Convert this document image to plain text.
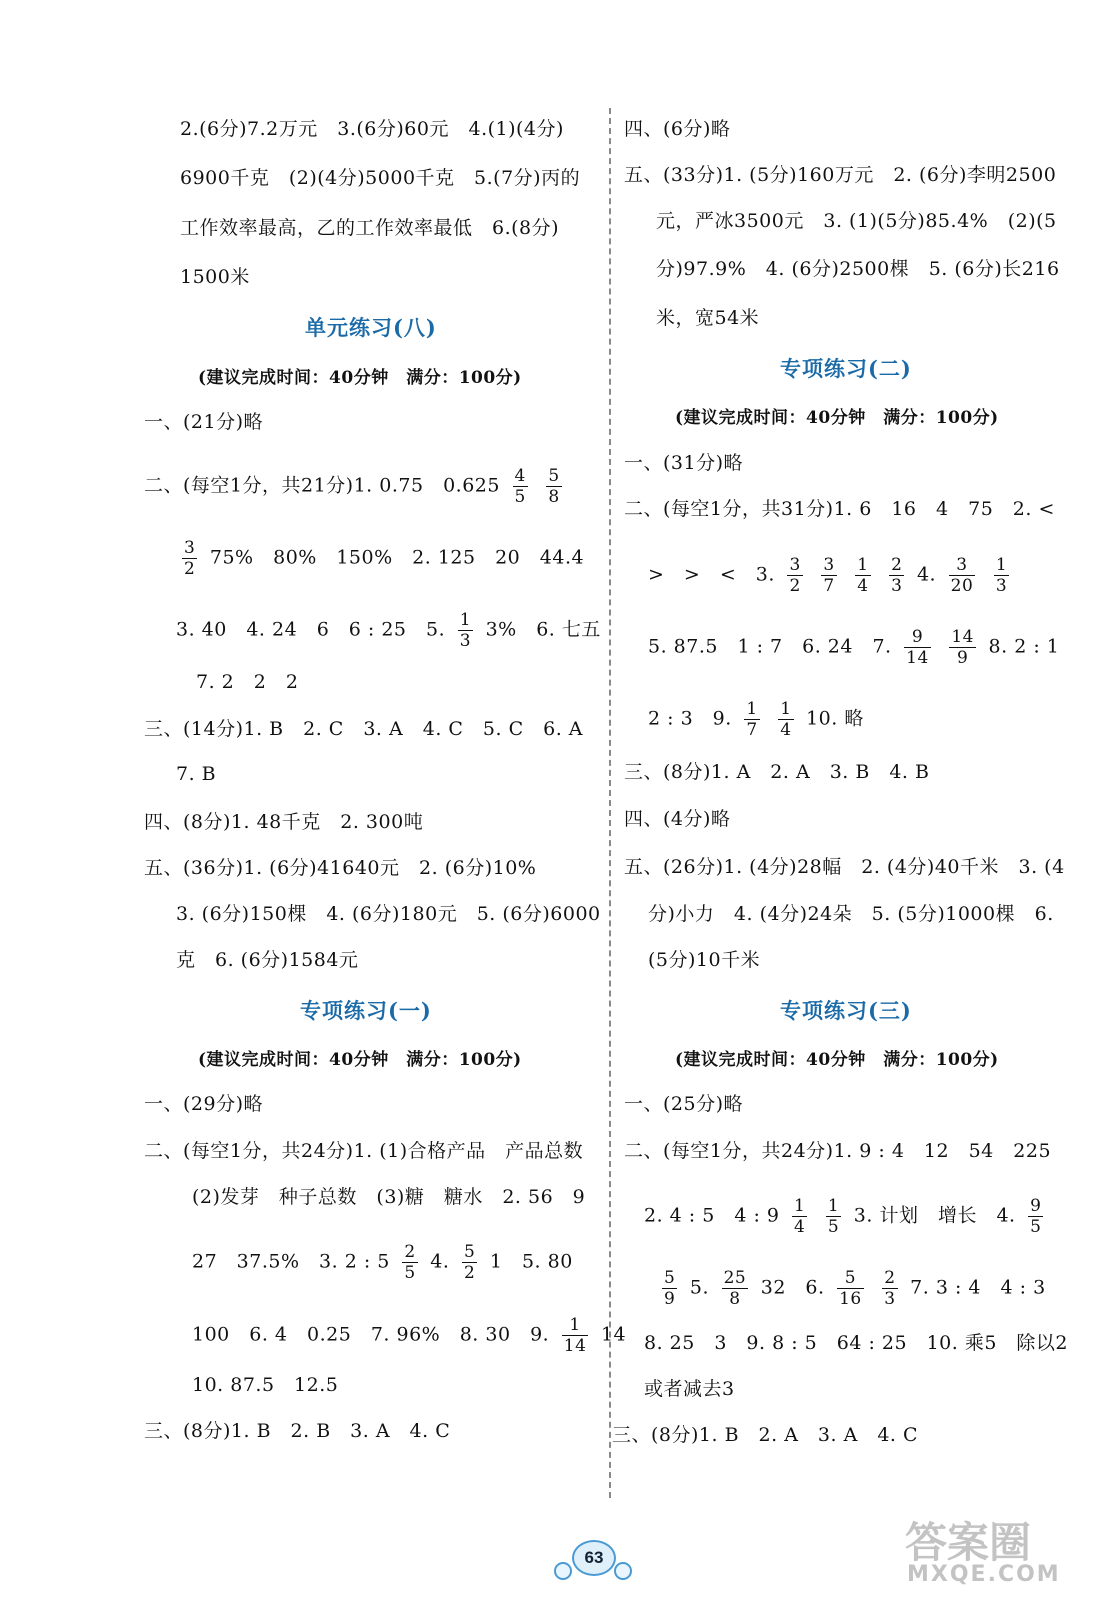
2.(6分)7.2万元　3.(6分)60元　4.(1)(4分)
6900千克　(2)(4分)5000千克　5.(7分)丙的
工作效率最高，乙的工作效率最低　6.(8分)
1500米
单元练习(八)
(建议完成时间：40分钟　满分：100分)
一、(21分)略
二、(每空1分，共21分)1. 0.75　$0.625 \frac{4}{5}$
$\frac{5}{8}$
$\frac{3}{2} 75\%$　80%　150%　2. 125　20　44.4
3. 40　4. 24　6　6 : 25　5. $\frac{1}{3} 3\%$　6. 七五
7. 2　2　2
三、(14分)1. B　2. C　3. A　4. C　5. C　6. A
7. B
四、(8分)1. 48千克　2. 300吨
五、(36分)1. (6分)41640元　2. (6分)10%
3. (6分)150棵　4. (6分)180元　5. (6分)6000
克　6. (6分)1584元
专项练习(一)
(建议完成时间：40分钟　满分：100分)
一、(29分)略
二、(每空1分，共24分)1. (1)合格产品　产品总数
(2)发芽　种子总数　(3)糖　糖水　2. 56　9
27　37.5%　3. 2 : $5 \frac{2}{5} 4$. $\frac{5}{2} 1$　5. 80
100　6. 4　0.25　7. 96%　8. 30　9. $\frac{1}{14} 14$
10. 87.5　12.5
三、(8分)1. B　2. B　3. A　4. C
四、(6分)略
五、(33分)1. (5分)160万元　2. (6分)李明2500
元，严冰3500元　3. (1)(5分)85.4%　(2)(5
分)97.9%　4. (6分)2500棵　5. (6分)长216
米，宽54米
专项练习(二)
(建议完成时间：40分钟　满分：100分)
一、(31分)略
二、(每空1分，共31分)1. 6　16　4　75　2. <
>　>　<　3. $\frac{3}{2}$
$\frac{3}{7}$
$\frac{1}{4}$
$\frac{2}{3} 4$. $\frac{3}{20}$
$\frac{1}{3}$
5. 87.5　1 : 7　6. 24　7. $\frac{9}{14}$
$\frac{14}{9} 8$. 2 : 1
2 : 3　9. $\frac{1}{7}$
$\frac{1}{4} 10$. 略
三、(8分)1. A　2. A　3. B　4. B
四、(4分)略
五、(26分)1. (4分)28幅　2. (4分)40千米　3. (4
分)小力　4. (4分)24朵　5. (5分)1000棵　6.
(5分)10千米
专项练习(三)
(建议完成时间：40分钟　满分：100分)
一、(25分)略
二、(每空1分，共24分)1. 9 : 4　12　54　225
2. 4 : 5　4 : $9 \frac{1}{4}$
$\frac{1}{5} 3$. 计划　增长　4. $\frac{9}{5}$
$\frac{5}{9} 5$. $\frac{25}{8} 32$　6. $\frac{5}{16}$
$\frac{2}{3} 7$. 3 : 4　4 : 3
8. 25　3　9. 8 : 5　64 : 25　10. 乘5　除以2
或者减去3
三、(8分)1. B　2. A　3. A　4. C
63	答案圈
MXQE.COM
